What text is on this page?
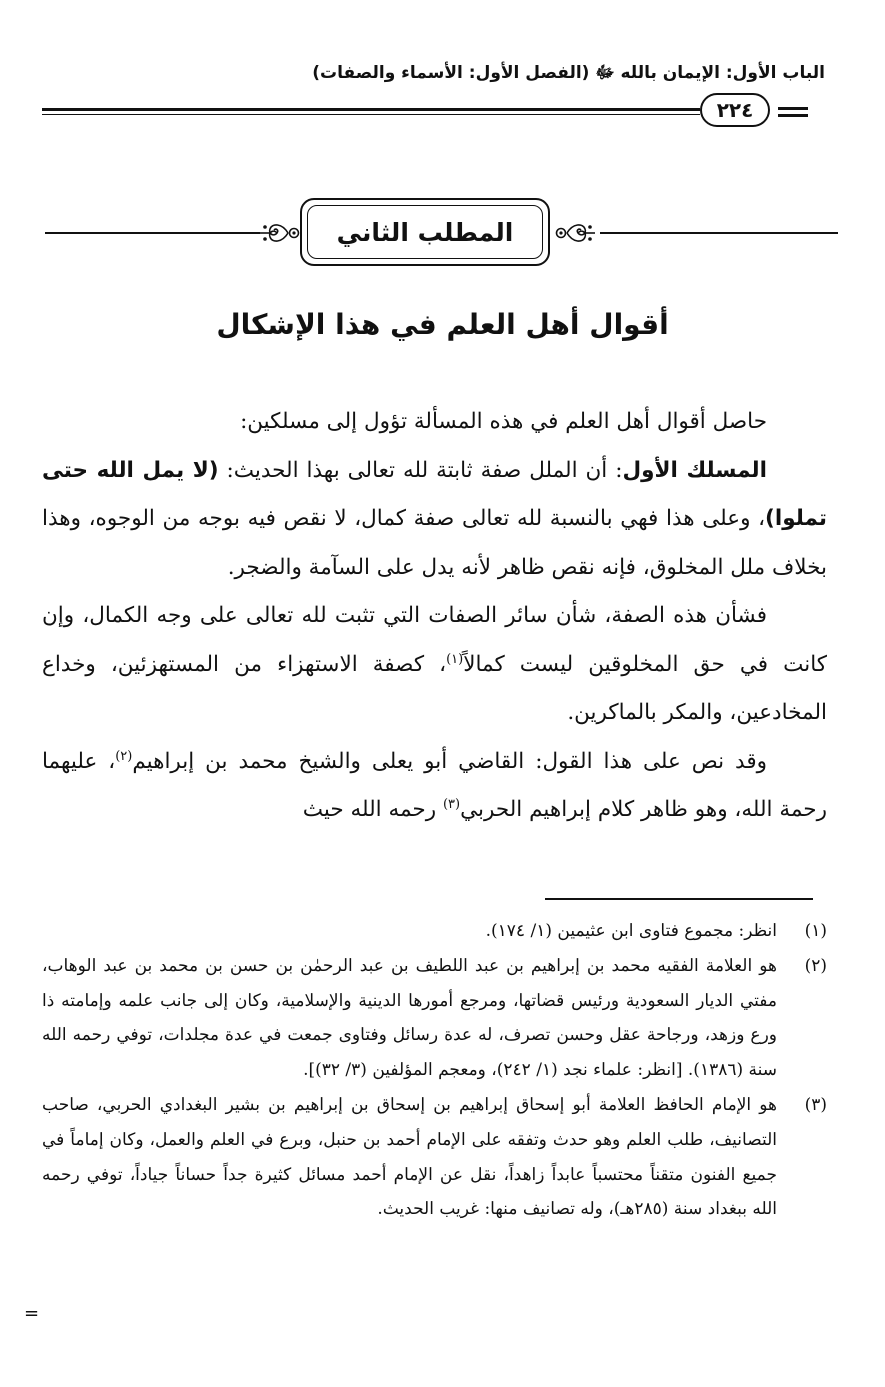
الباب الأول: الإيمان بالله ﷻ (الفصل الأول: الأسماء والصفات)
٢٢٤
المطلب الثاني
أقوال أهل العلم في هذا الإشكال

حاصل أقوال أهل العلم في هذه المسألة تؤول إلى مسلكين:

المسلك الأول: أن الملل صفة ثابتة لله تعالى بهذا الحديث: (لا يمل الله حتى تملوا)، وعلى هذا فهي بالنسبة لله تعالى صفة كمال، لا نقص فيه بوجه من الوجوه، وهذا بخلاف ملل المخلوق، فإنه نقص ظاهر لأنه يدل على السآمة والضجر.

فشأن هذه الصفة، شأن سائر الصفات التي تثبت لله تعالى على وجه الكمال، وإن كانت في حق المخلوقين ليست كمالاً$^{(١)}$، كصفة الاستهزاء من المستهزئين، وخداع المخادعين، والمكر بالماكرين.

وقد نص على هذا القول: القاضي أبو يعلى والشيخ محمد بن إبراهيم$^{(٢)}$، عليهما رحمة الله، وهو ظاهر كلام إبراهيم الحربي$^{(٣)}$ رحمه الله حيث

(١)
انظر: مجموع فتاوى ابن عثيمين (١/ ١٧٤).
(٢)
هو العلامة الفقيه محمد بن إبراهيم بن عبد اللطيف بن عبد الرحمٰن بن حسن بن محمد بن عبد الوهاب، مفتي الديار السعودية ورئيس قضاتها، ومرجع أمورها الدينية والإسلامية، وكان إلى جانب علمه وإمامته ذا ورع وزهد، ورجاحة عقل وحسن تصرف، له عدة رسائل وفتاوى جمعت في عدة مجلدات، توفي رحمه الله سنة (١٣٨٦). [انظر: علماء نجد (١/ ٢٤٢)، ومعجم المؤلفين (٣/ ٣٢)].
(٣)
هو الإمام الحافظ العلامة أبو إسحاق إبراهيم بن إسحاق بن إبراهيم بن بشير البغدادي الحربي، صاحب التصانيف، طلب العلم وهو حدث وتفقه على الإمام أحمد بن حنبل، وبرع في العلم والعمل، وكان إماماً في جميع الفنون متقناً محتسباً عابداً زاهداً، نقل عن الإمام أحمد مسائل كثيرة جداً حساناً جياداً، توفي رحمه الله ببغداد سنة (٢٨٥هـ)، وله تصانيف منها: غريب الحديث.
=
